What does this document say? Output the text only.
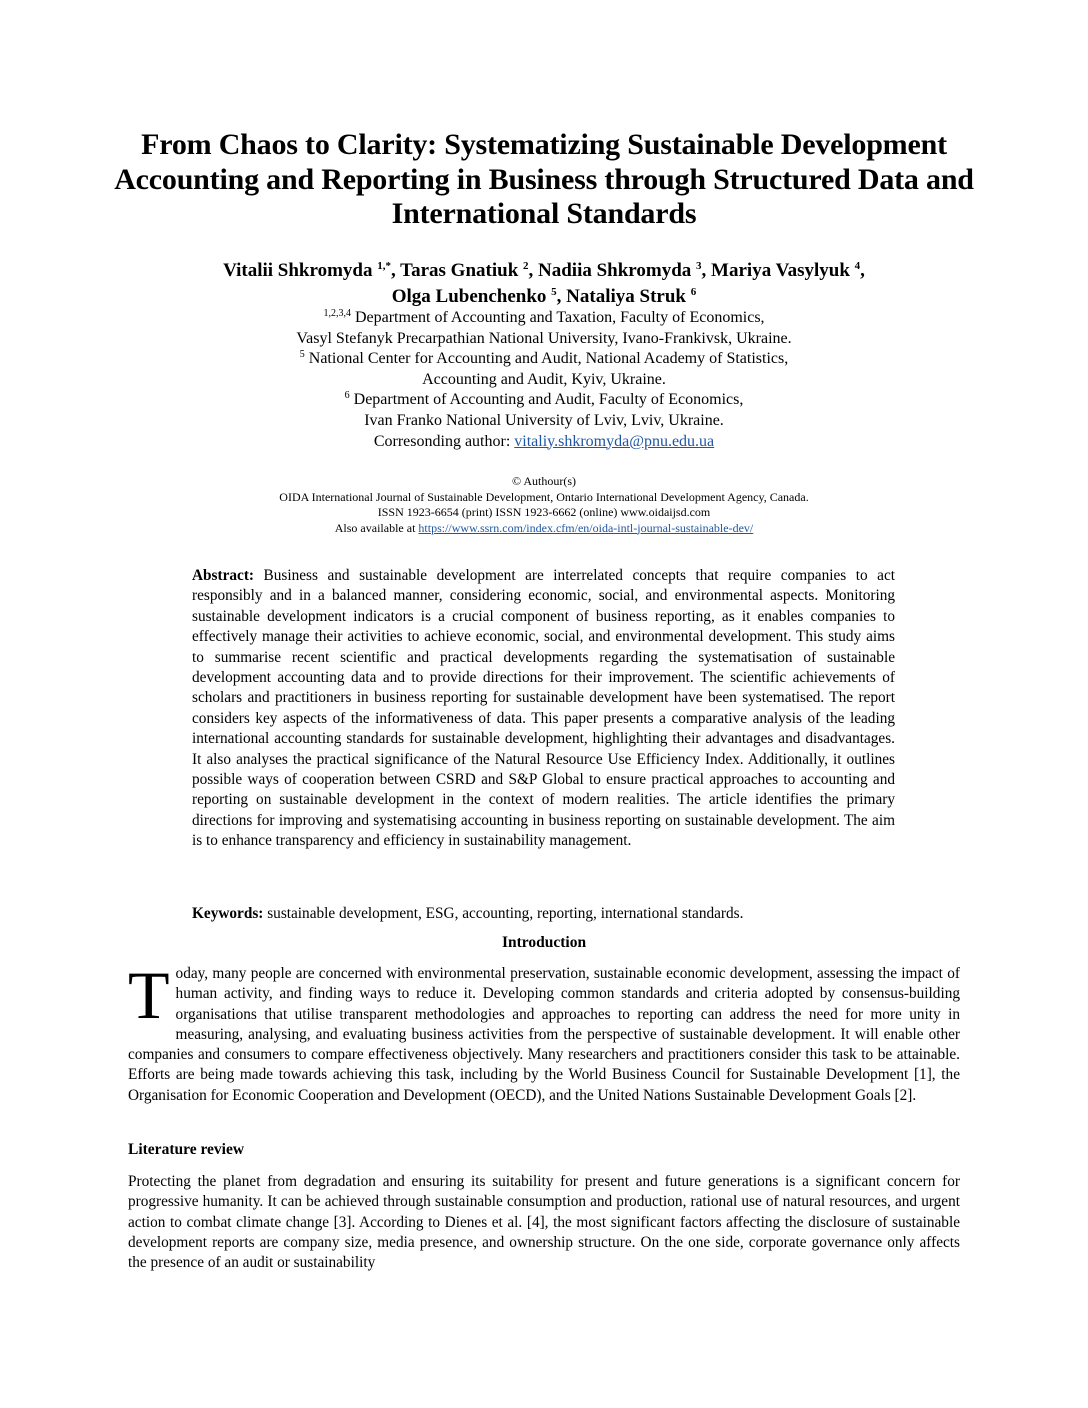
From Chaos to Clarity: Systematizing Sustainable Development Accounting and Reporting in Business through Structured Data and International Standards
Vitalii Shkromyda $^{1,*}$, Taras Gnatiuk $^2$, Nadiia Shkromyda $^3$, Mariya Vasylyuk $^4$,
Olga Lubenchenko $^5$, Nataliya Struk $^6$
$^{1,2,3,4}$ Department of Accounting and Taxation, Faculty of Economics,
Vasyl Stefanyk Precarpathian National University, Ivano-Frankivsk, Ukraine.
$^5$ National Center for Accounting and Audit, National Academy of Statistics,
Accounting and Audit, Kyiv, Ukraine.
$^6$ Department of Accounting and Audit, Faculty of Economics,
Ivan Franko National University of Lviv, Lviv, Ukraine.
Corresonding author: vitaliy.shkromyda@pnu.edu.ua
© Authour(s)
OIDA International Journal of Sustainable Development, Ontario International Development Agency, Canada.
ISSN 1923-6654 (print) ISSN 1923-6662 (online) www.oidaijsd.com
Also available at https://www.ssrn.com/index.cfm/en/oida-intl-journal-sustainable-dev/
Abstract: Business and sustainable development are interrelated concepts that require companies to act responsibly and in a balanced manner, considering economic, social, and environmental aspects. Monitoring sustainable development indicators is a crucial component of business reporting, as it enables companies to effectively manage their activities to achieve economic, social, and environmental development. This study aims to summarise recent scientific and practical developments regarding the systematisation of sustainable development accounting data and to provide directions for their improvement. The scientific achievements of scholars and practitioners in business reporting for sustainable development have been systematised. The report considers key aspects of the informativeness of data. This paper presents a comparative analysis of the leading international accounting standards for sustainable development, highlighting their advantages and disadvantages. It also analyses the practical significance of the Natural Resource Use Efficiency Index. Additionally, it outlines possible ways of cooperation between CSRD and S&P Global to ensure practical approaches to accounting and reporting on sustainable development in the context of modern realities. The article identifies the primary directions for improving and systematising accounting in business reporting on sustainable development. The aim is to enhance transparency and efficiency in sustainability management.
Keywords: sustainable development, ESG, accounting, reporting, international standards.
Introduction
Today, many people are concerned with environmental preservation, sustainable economic development, assessing the impact of human activity, and finding ways to reduce it. Developing common standards and criteria adopted by consensus-building organisations that utilise transparent methodologies and approaches to reporting can address the need for more unity in measuring, analysing, and evaluating business activities from the perspective of sustainable development. It will enable other companies and consumers to compare effectiveness objectively. Many researchers and practitioners consider this task to be attainable. Efforts are being made towards achieving this task, including by the World Business Council for Sustainable Development [1], the Organisation for Economic Cooperation and Development (OECD), and the United Nations Sustainable Development Goals [2].
Literature review
Protecting the planet from degradation and ensuring its suitability for present and future generations is a significant concern for progressive humanity. It can be achieved through sustainable consumption and production, rational use of natural resources, and urgent action to combat climate change [3]. According to Dienes et al. [4], the most significant factors affecting the disclosure of sustainable development reports are company size, media presence, and ownership structure. On the one side, corporate governance only affects the presence of an audit or sustainability
